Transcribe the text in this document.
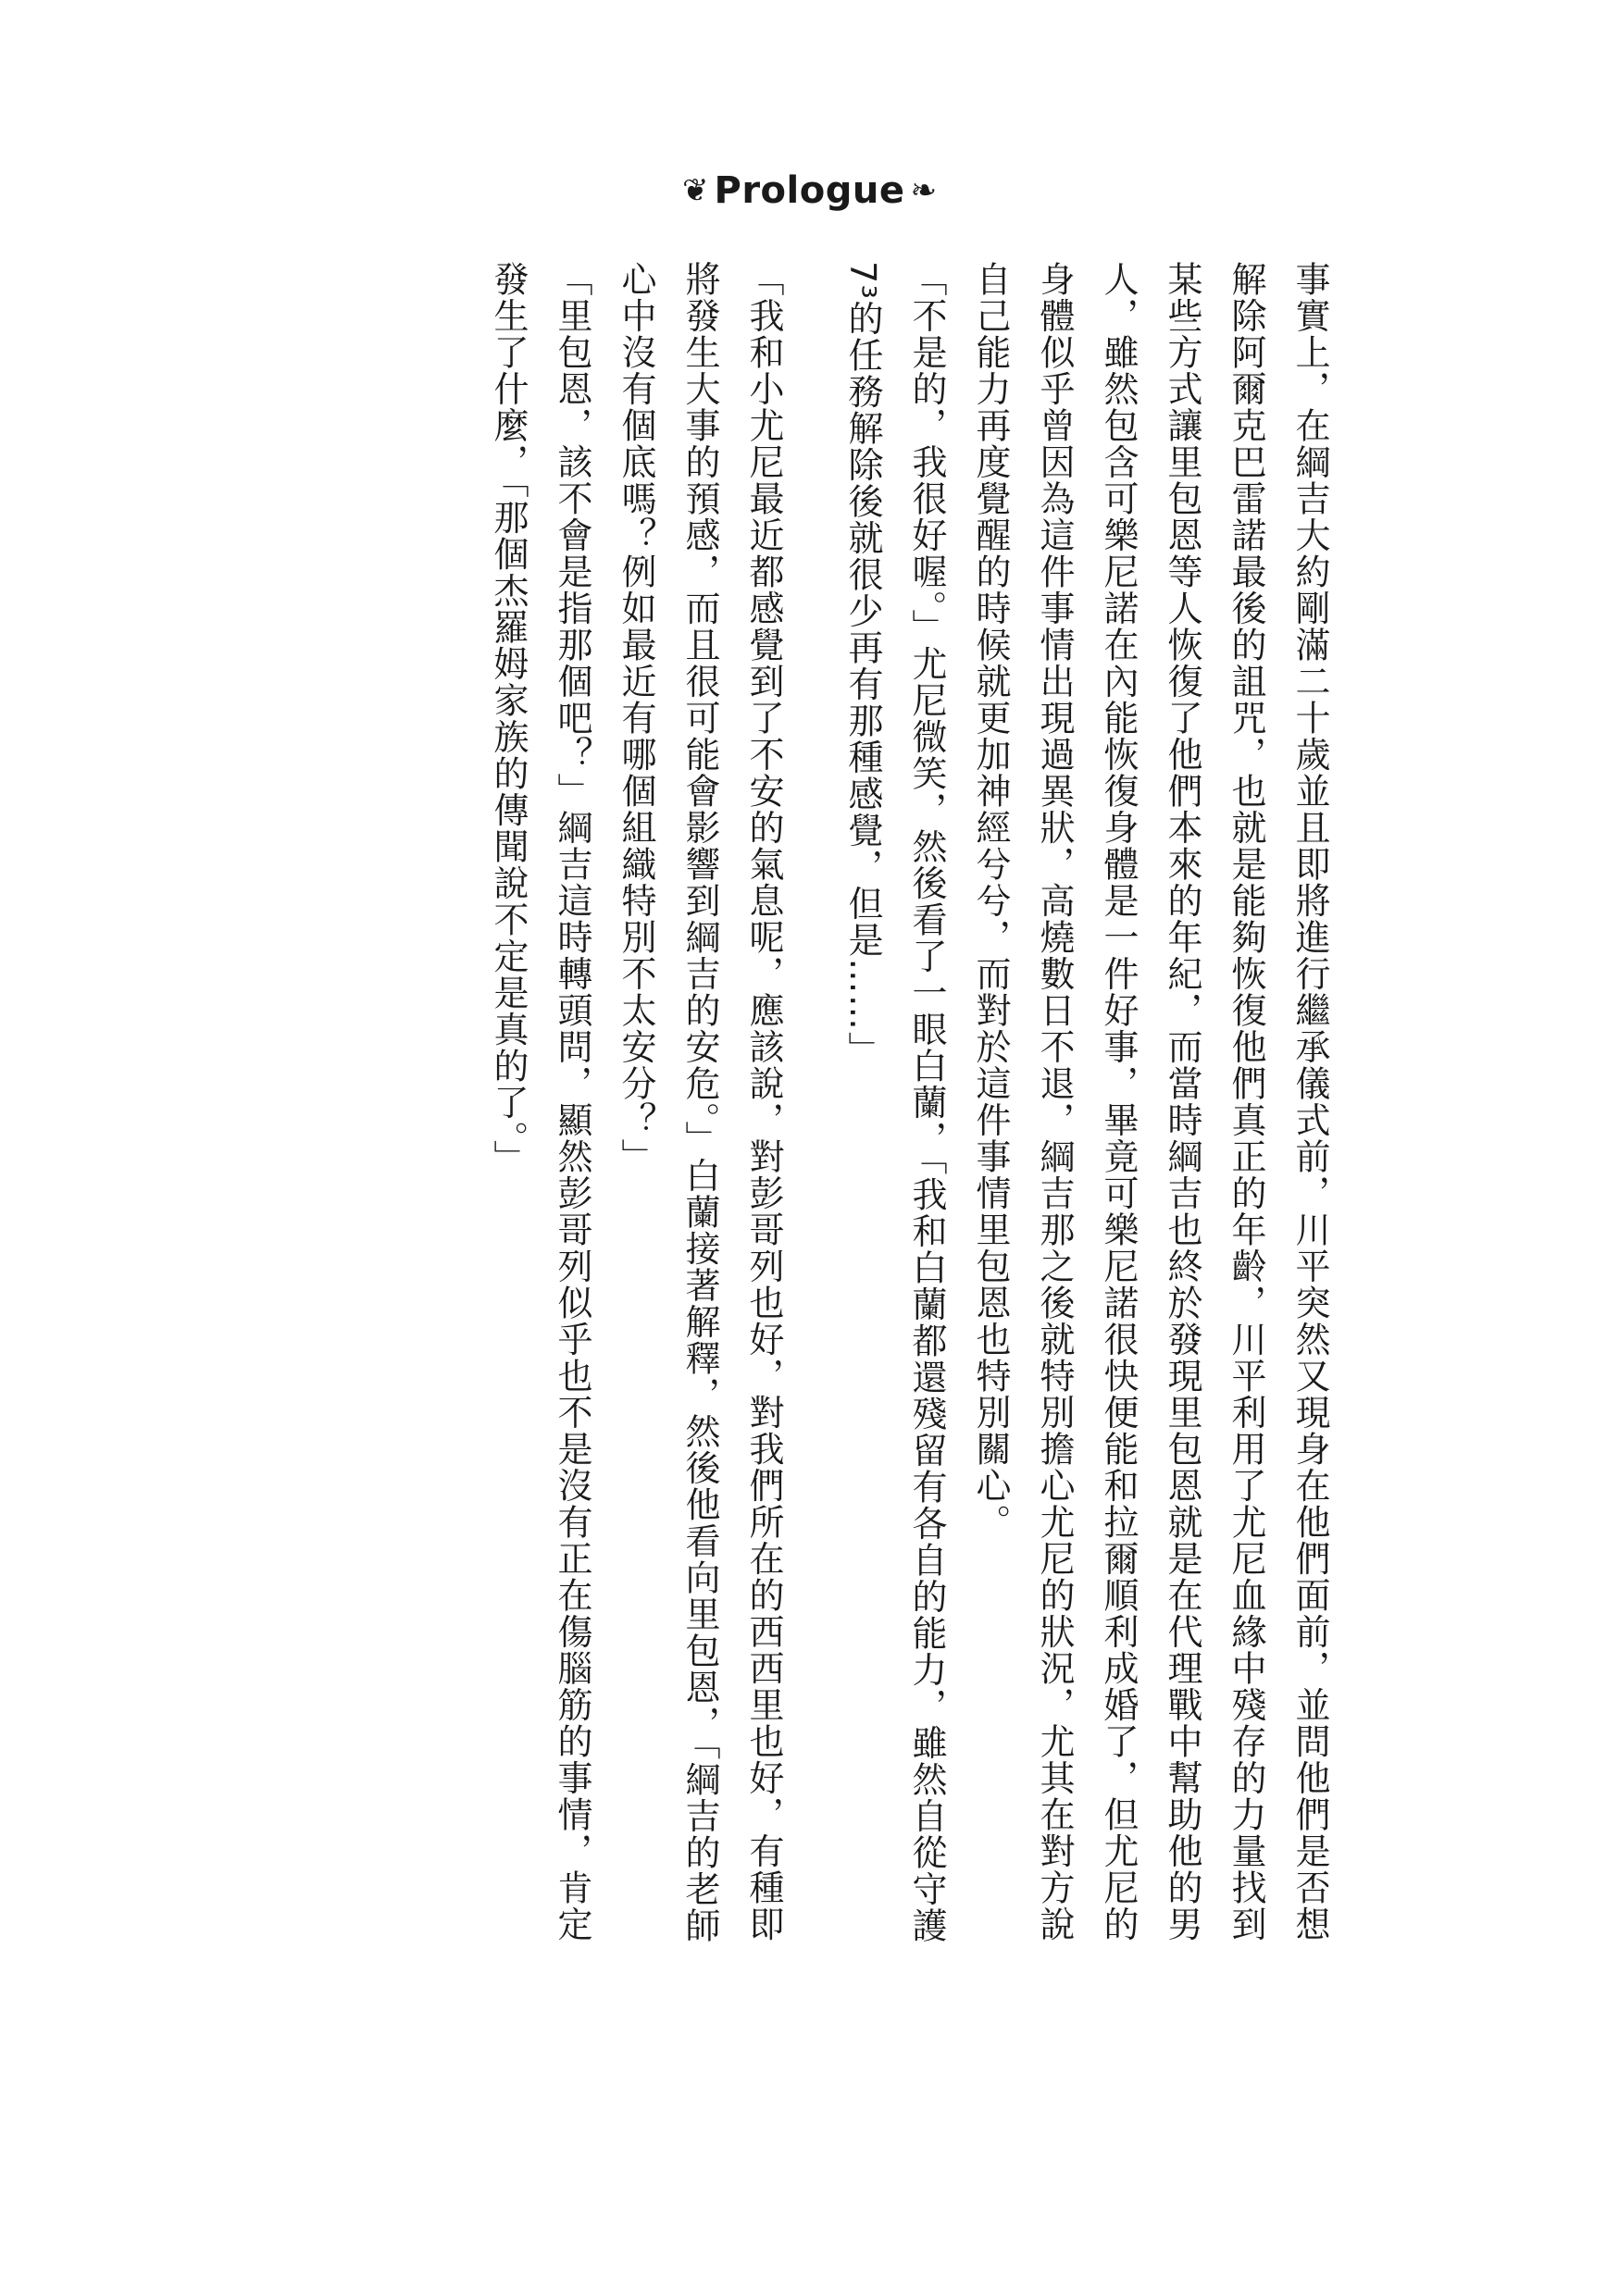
❦ Prologue ❧

事實上，在綱吉大約剛滿二十歲並且即將進行繼承儀式前，川平突然又現身在他們面前，並問他們是否想解除阿爾克巴雷諾最後的詛咒，也就是能夠恢復他們真正的年齡，川平利用了尤尼血緣中殘存的力量找到某些方式讓里包恩等人恢復了他們本來的年紀，而當時綱吉也終於發現里包恩就是在代理戰中幫助他的男人，雖然包含可樂尼諾在內能恢復身體是一件好事，畢竟可樂尼諾很快便能和拉爾順利成婚了，但尤尼的身體似乎曾因為這件事情出現過異狀，高燒數日不退，綱吉那之後就特別擔心尤尼的狀況，尤其在對方說自己能力再度覺醒的時候就更加神經兮兮，而對於這件事情里包恩也特別關心。

「不是的，我很好喔。」尤尼微笑，然後看了一眼白蘭，「我和白蘭都還殘留有各自的能力，雖然自從守護7³的任務解除後就很少再有那種感覺，但是……」

「我和小尤尼最近都感覺到了不安的氣息呢，應該說，對彭哥列也好，對我們所在的西西里也好，有種即將發生大事的預感，而且很可能會影響到綱吉的安危。」白蘭接著解釋，然後他看向里包恩，「綱吉的老師心中沒有個底嗎？例如最近有哪個組織特別不太安分？」

「里包恩，該不會是指那個吧？」綱吉這時轉頭問，顯然彭哥列似乎也不是沒有正在傷腦筋的事情，肯定發生了什麼，「那個杰羅姆家族的傳聞說不定是真的了。」
